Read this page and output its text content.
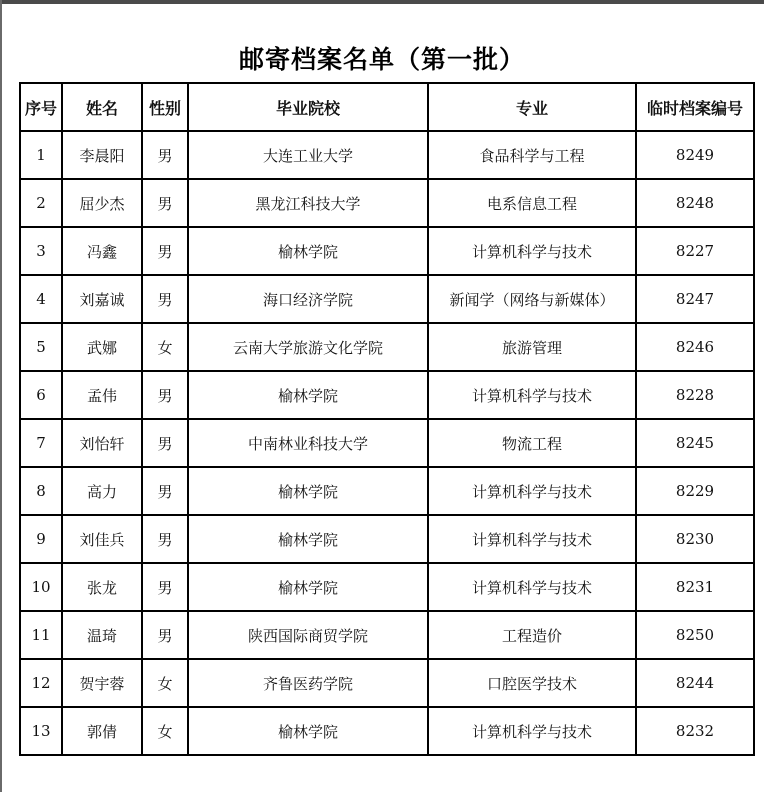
邮寄档案名单（第一批）
序号	姓名	性别	毕业院校	专业	临时档案编号
1	李晨阳	男	大连工业大学	食品科学与工程	8249
2	屈少杰	男	黑龙江科技大学	电系信息工程	8248
3	冯鑫	男	榆林学院	计算机科学与技术	8227
4	刘嘉诚	男	海口经济学院	新闻学（网络与新媒体）	8247
5	武娜	女	云南大学旅游文化学院	旅游管理	8246
6	孟伟	男	榆林学院	计算机科学与技术	8228
7	刘怡轩	男	中南林业科技大学	物流工程	8245
8	高力	男	榆林学院	计算机科学与技术	8229
9	刘佳兵	男	榆林学院	计算机科学与技术	8230
10	张龙	男	榆林学院	计算机科学与技术	8231
11	温琦	男	陕西国际商贸学院	工程造价	8250
12	贺宇蓉	女	齐鲁医药学院	口腔医学技术	8244
13	郭倩	女	榆林学院	计算机科学与技术	8232
